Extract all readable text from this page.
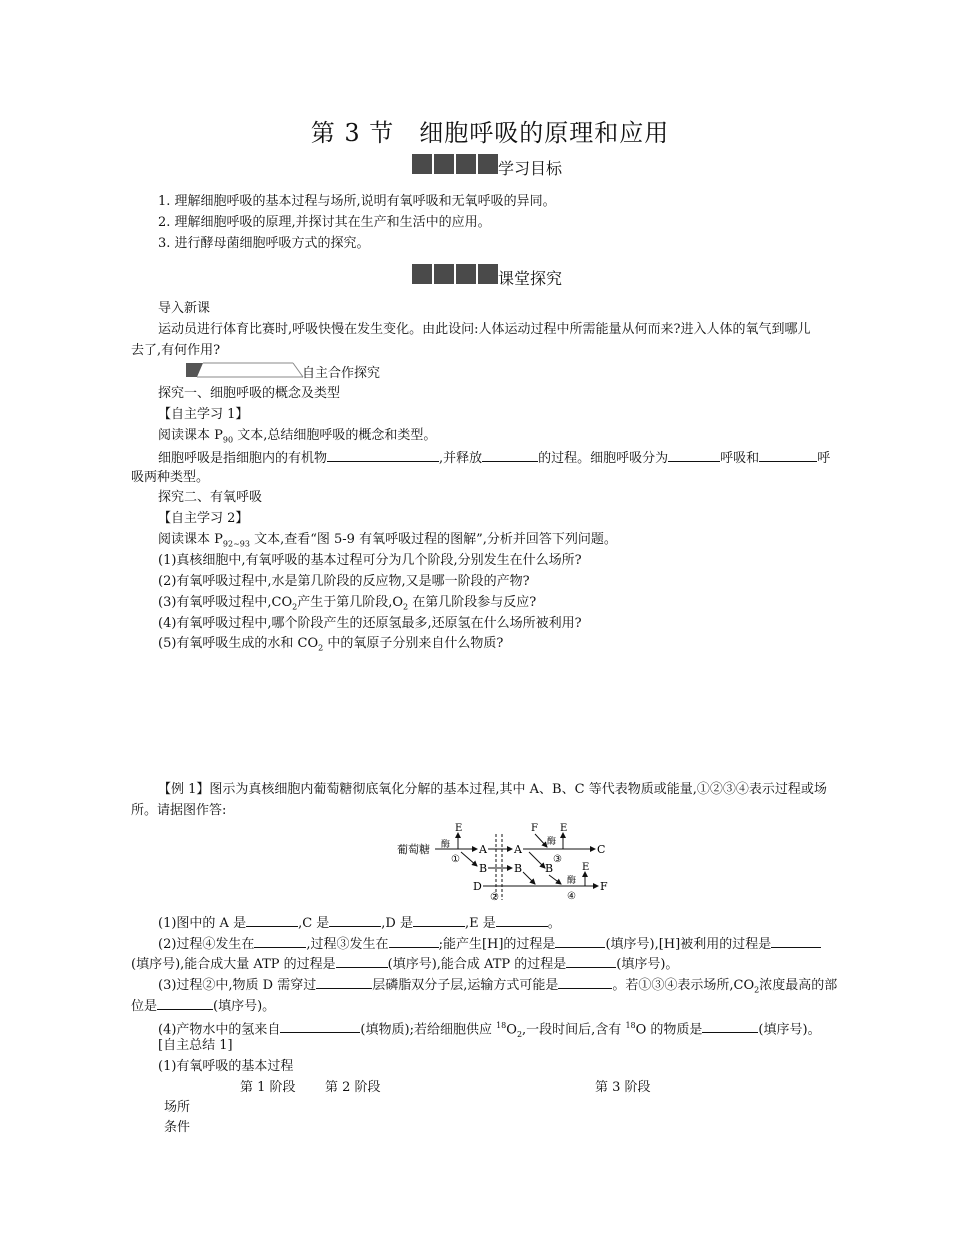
第 3 节　细胞呼吸的原理和应用
学习目标
1. 理解细胞呼吸的基本过程与场所,说明有氧呼吸和无氧呼吸的异同。
2. 理解细胞呼吸的原理,并探讨其在生产和生活中的应用。
3. 进行酵母菌细胞呼吸方式的探究。
课堂探究
导入新课
运动员进行体育比赛时,呼吸快慢在发生变化。由此设问:人体运动过程中所需能量从何而来?进入人体的氧气到哪儿
去了,有何作用?
自主合作探究
探究一、细胞呼吸的概念及类型
【自主学习 1】
阅读课本 $P_{90}$ 文本,总结细胞呼吸的概念和类型。
细胞呼吸是指细胞内的有机物	,并释放	的过程。细胞呼吸分为	呼吸和	呼
吸两种类型。
探究二、有氧呼吸
【自主学习 2】
阅读课本 $P_{92\sim 93}$ 文本,查看“图 5-9 有氧呼吸过程的图解”,分析并回答下列问题。
(1)真核细胞中,有氧呼吸的基本过程可分为几个阶段,分别发生在什么场所?
(2)有氧呼吸过程中,水是第几阶段的反应物,又是哪一阶段的产物?
(3)有氧呼吸过程中$,CO_2$产生于第几阶段$,O_2$ 在第几阶段参与反应?
(4)有氧呼吸过程中,哪个阶段产生的还原氢最多,还原氢在什么场所被利用?
(5)有氧呼吸生成的水和 $CO_2$ 中的氧原子分别来自什么物质?
【例 1】图示为真核细胞内葡萄糖彻底氧化分解的基本过程,其中 A、B、C 等代表物质或能量,①②③④表示过程或场
所。请据图作答:
葡萄糖	A
酶
①
E
B
A	C
F
酶
E
③
B B
D	F
②
酶
E
④
(1)图中的 A 是	,C 是	,D 是	,E 是	。
(2)过程④发生在	,过程③发生在	;能产生[H]的过程是	(填序号),[H]被利用的过程是
(填序号),能合成大量 ATP 的过程是	(填序号),能合成 ATP 的过程是	(填序号)。
(3)过程②中,物质 D 需穿过	层磷脂双分子层,运输方式可能是	。若①③④表示场所$,CO_2$浓度最高的部
位是	(填序号)。
(4)产物水中的氢来自	(填物质);若给细胞供应 $^{18}O_2$,一段时间后,含有 $^{18}$O 的物质是	(填序号)。
[自主总结 1]
(1)有氧呼吸的基本过程
第 1 阶段 第 2 阶段	第 3 阶段
场所
条件
